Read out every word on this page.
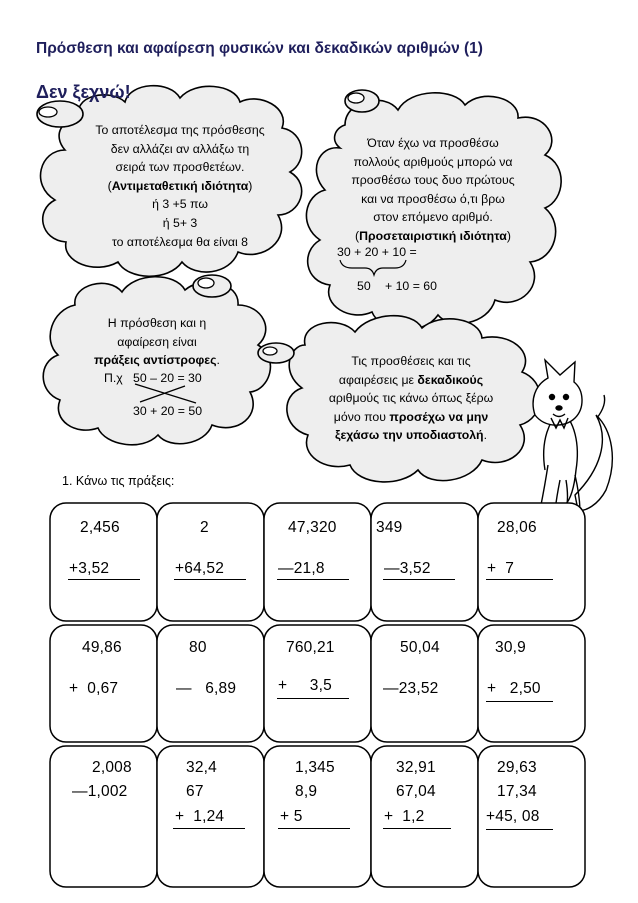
Πρόσθεση και αφαίρεση φυσικών και δεκαδικών αριθμών (1)
Δεν ξεχνώ!
Το αποτέλεσμα της πρόσθεσης
δεν αλλάζει αν αλλάξω τη
σειρά των προσθετέων.
(Αντιμεταθετική ιδιότητα)
ή 3 +5 πω
ή 5+ 3
το αποτέλεσμα θα είναι 8
Όταν έχω να προσθέσω
πολλούς αριθμούς μπορώ να
προσθέσω τους δυο πρώτους
και να προσθέσω ό,τι βρω
στον επόμενο αριθμό.
(Προσεταιριστική ιδιότητα)
30 + 20 + 10 =
50 + 10 = 60
Η πρόσθεση και η
αφαίρεση είναι
πράξεις αντίστροφες.
Π.χ 50 – 20 = 30
30 + 20 = 50
Τις προσθέσεις και τις
αφαιρέσεις με δεκαδικούς
αριθμούς τις κάνω όπως ξέρω
μόνο που προσέχω να μην
ξεχάσω την υποδιαστολή.
1. Κάνω τις πράξεις:
2,456
+3,52
2
+64,52
47,320
—21,8
349
—3,52
28,06
+  7
49,86
+  0,67
80
—   6,89
760,21
+     3,5
50,04
—23,52
30,9
+   2,50
2,008
—1,002
32,4
67
+  1,24
1,345
8,9
+ 5
32,91
67,04
+  1,2
29,63
17,34
+45, 08
